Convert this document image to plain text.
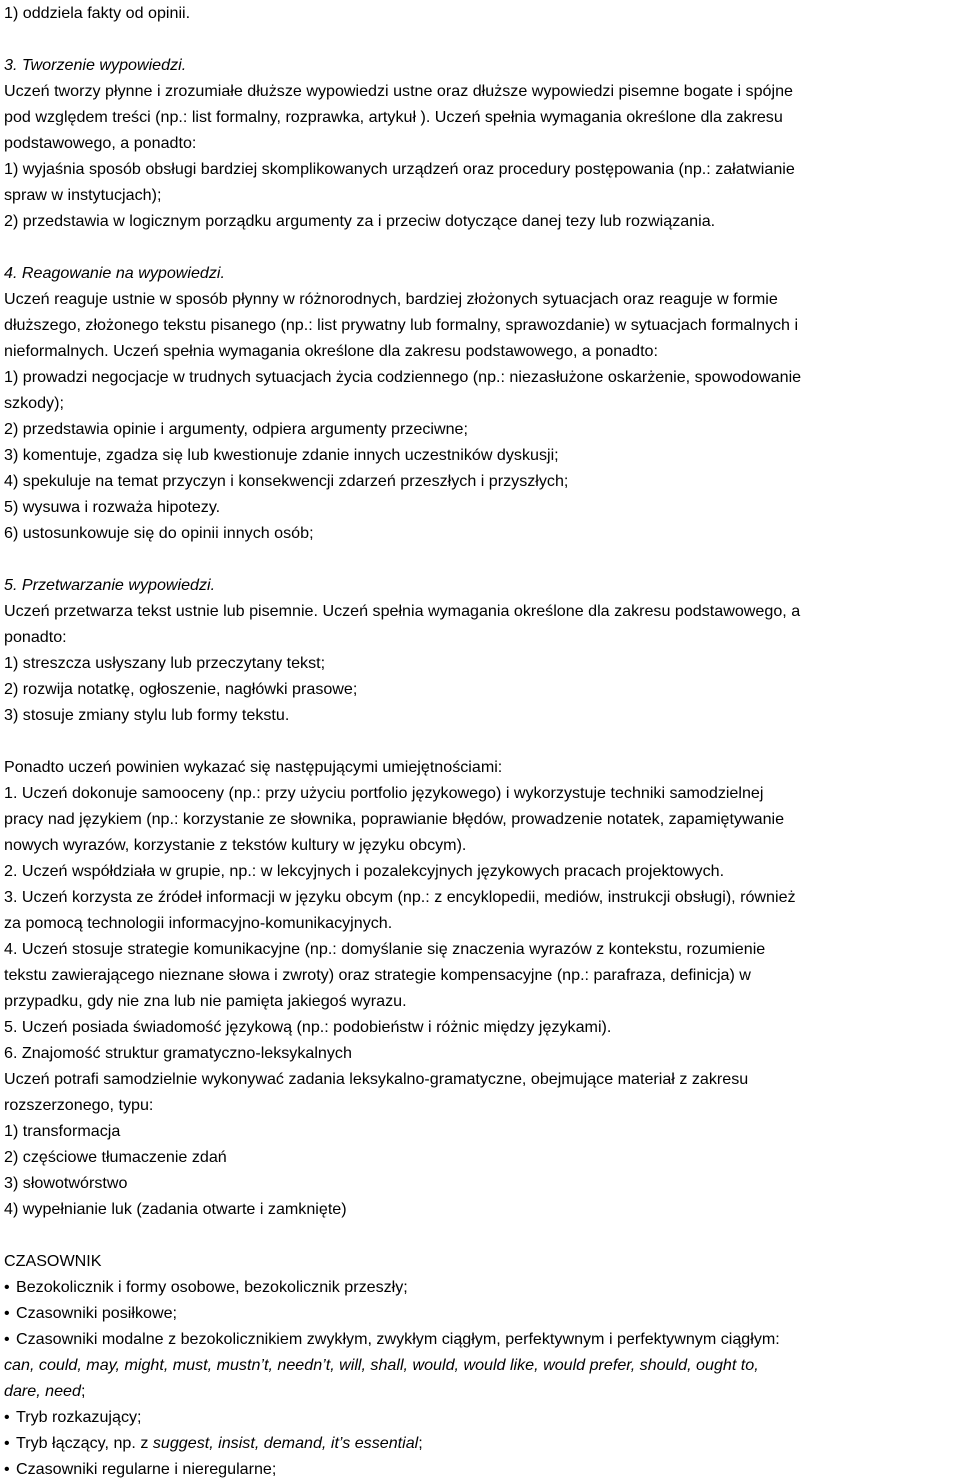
1) oddziela fakty od opinii.
3. Tworzenie wypowiedzi.
Uczeń tworzy płynne i zrozumiałe dłuższe wypowiedzi ustne oraz dłuższe wypowiedzi pisemne bogate i spójne
pod względem treści (np.: list formalny, rozprawka, artykuł ). Uczeń spełnia wymagania określone dla zakresu
podstawowego, a ponadto:
1) wyjaśnia sposób obsługi bardziej skomplikowanych urządzeń oraz procedury postępowania (np.: załatwianie
spraw w instytucjach);
2) przedstawia w logicznym porządku argumenty za i przeciw dotyczące danej tezy lub rozwiązania.
4. Reagowanie na wypowiedzi.
Uczeń reaguje ustnie w sposób płynny w różnorodnych, bardziej złożonych sytuacjach oraz reaguje w formie
dłuższego, złożonego tekstu pisanego (np.: list prywatny lub formalny, sprawozdanie) w sytuacjach formalnych i
nieformalnych. Uczeń spełnia wymagania określone dla zakresu podstawowego, a ponadto:
1) prowadzi negocjacje w trudnych sytuacjach życia codziennego (np.: niezasłużone oskarżenie, spowodowanie
szkody);
2) przedstawia opinie i argumenty, odpiera argumenty przeciwne;
3) komentuje, zgadza się lub kwestionuje zdanie innych uczestników dyskusji;
4) spekuluje na temat przyczyn i konsekwencji zdarzeń przeszłych i przyszłych;
5) wysuwa i rozważa hipotezy.
6) ustosunkowuje się do opinii innych osób;
5. Przetwarzanie wypowiedzi.
Uczeń przetwarza tekst ustnie lub pisemnie. Uczeń spełnia wymagania określone dla zakresu podstawowego, a
ponadto:
1) streszcza usłyszany lub przeczytany tekst;
2) rozwija notatkę, ogłoszenie, nagłówki prasowe;
3) stosuje zmiany stylu lub formy tekstu.
Ponadto uczeń powinien wykazać się następującymi umiejętnościami:
1. Uczeń dokonuje samooceny (np.: przy użyciu portfolio językowego) i wykorzystuje techniki samodzielnej
pracy nad językiem (np.: korzystanie ze słownika, poprawianie błędów, prowadzenie notatek, zapamiętywanie
nowych wyrazów, korzystanie z tekstów kultury w języku obcym).
2. Uczeń współdziała w grupie, np.: w lekcyjnych i pozalekcyjnych językowych pracach projektowych.
3. Uczeń korzysta ze źródeł informacji w języku obcym (np.: z encyklopedii, mediów, instrukcji obsługi), również
za pomocą technologii informacyjno-komunikacyjnych.
4. Uczeń stosuje strategie komunikacyjne (np.: domyślanie się znaczenia wyrazów z kontekstu, rozumienie
tekstu zawierającego nieznane słowa i zwroty) oraz strategie kompensacyjne (np.: parafraza, definicja) w
przypadku, gdy nie zna lub nie pamięta jakiegoś wyrazu.
5. Uczeń posiada świadomość językową (np.: podobieństw i różnic między językami).
6. Znajomość struktur gramatyczno-leksykalnych
Uczeń potrafi samodzielnie wykonywać zadania leksykalno-gramatyczne, obejmujące materiał z zakresu
rozszerzonego, typu:
1) transformacja
2) częściowe tłumaczenie zdań
3) słowotwórstwo
4) wypełnianie luk (zadania otwarte i zamknięte)
CZASOWNIK
• Bezokolicznik i formy osobowe, bezokolicznik przeszły;
• Czasowniki posiłkowe;
• Czasowniki modalne z bezokolicznikiem zwykłym, zwykłym ciągłym, perfektywnym i perfektywnym ciągłym:
can, could, may, might, must, mustn’t, needn’t, will, shall, would, would like, would prefer, should, ought to,
dare, need;
• Tryb rozkazujący;
• Tryb łączący, np. z suggest, insist, demand, it’s essential;
• Czasowniki regularne i nieregularne;
